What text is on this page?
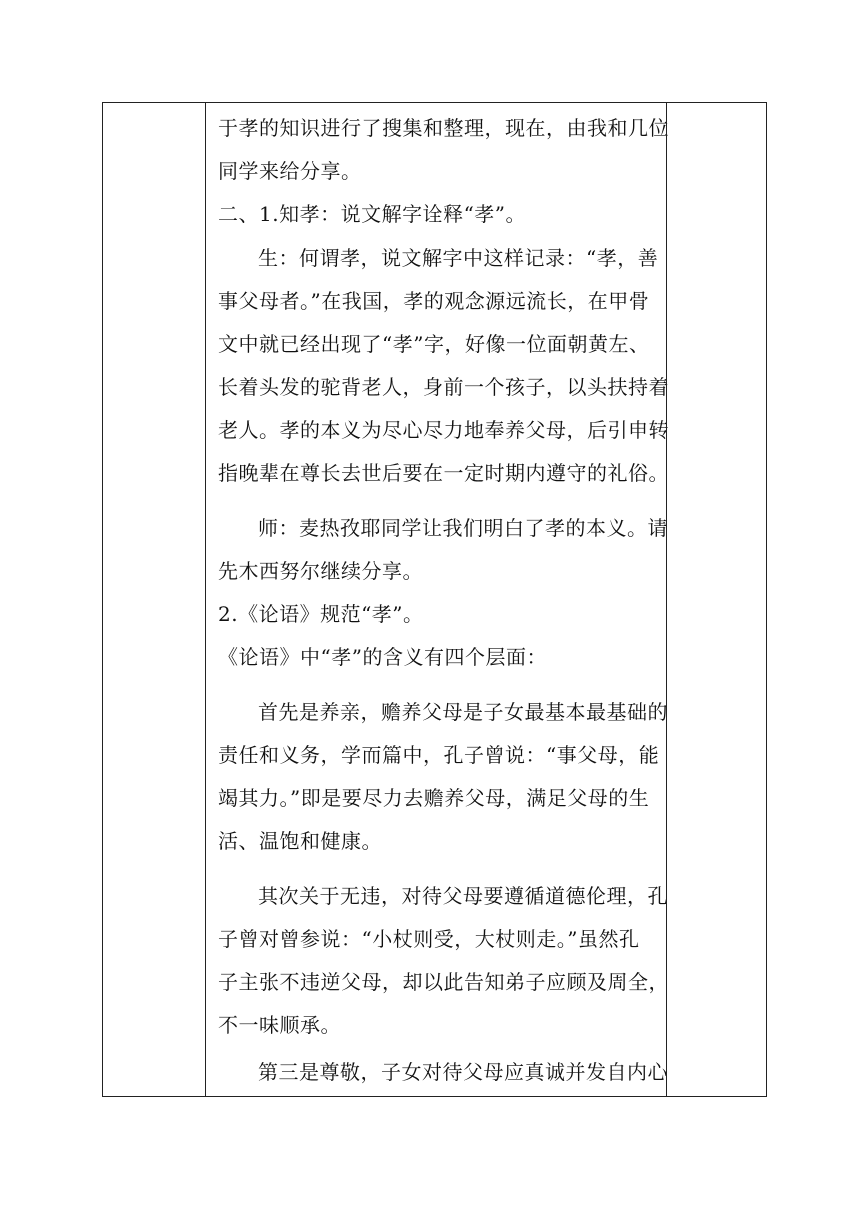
于孝的知识进行了搜集和整理，现在，由我和几位
同学来给分享。
二、1.知孝：说文解字诠释“孝”。
生：何谓孝，说文解字中这样记录：“孝，善
事父母者。”在我国，孝的观念源远流长，在甲骨
文中就已经出现了“孝”字，好像一位面朝黄左、
长着头发的驼背老人，身前一个孩子，以头扶持着
老人。孝的本义为尽心尽力地奉养父母，后引申转
指晚辈在尊长去世后要在一定时期内遵守的礼俗。
师：麦热孜耶同学让我们明白了孝的本义。请
先木西努尔继续分享。
2.《论语》规范“孝”。
《论语》中“孝”的含义有四个层面：
首先是养亲，赡养父母是子女最基本最基础的
责任和义务，学而篇中，孔子曾说：“事父母，能
竭其力。”即是要尽力去赡养父母，满足父母的生
活、温饱和健康。
其次关于无违，对待父母要遵循道德伦理，孔
子曾对曾参说：“小杖则受，大杖则走。”虽然孔
子主张不违逆父母，却以此告知弟子应顾及周全，
不一味顺承。
第三是尊敬，子女对待父母应真诚并发自内心
